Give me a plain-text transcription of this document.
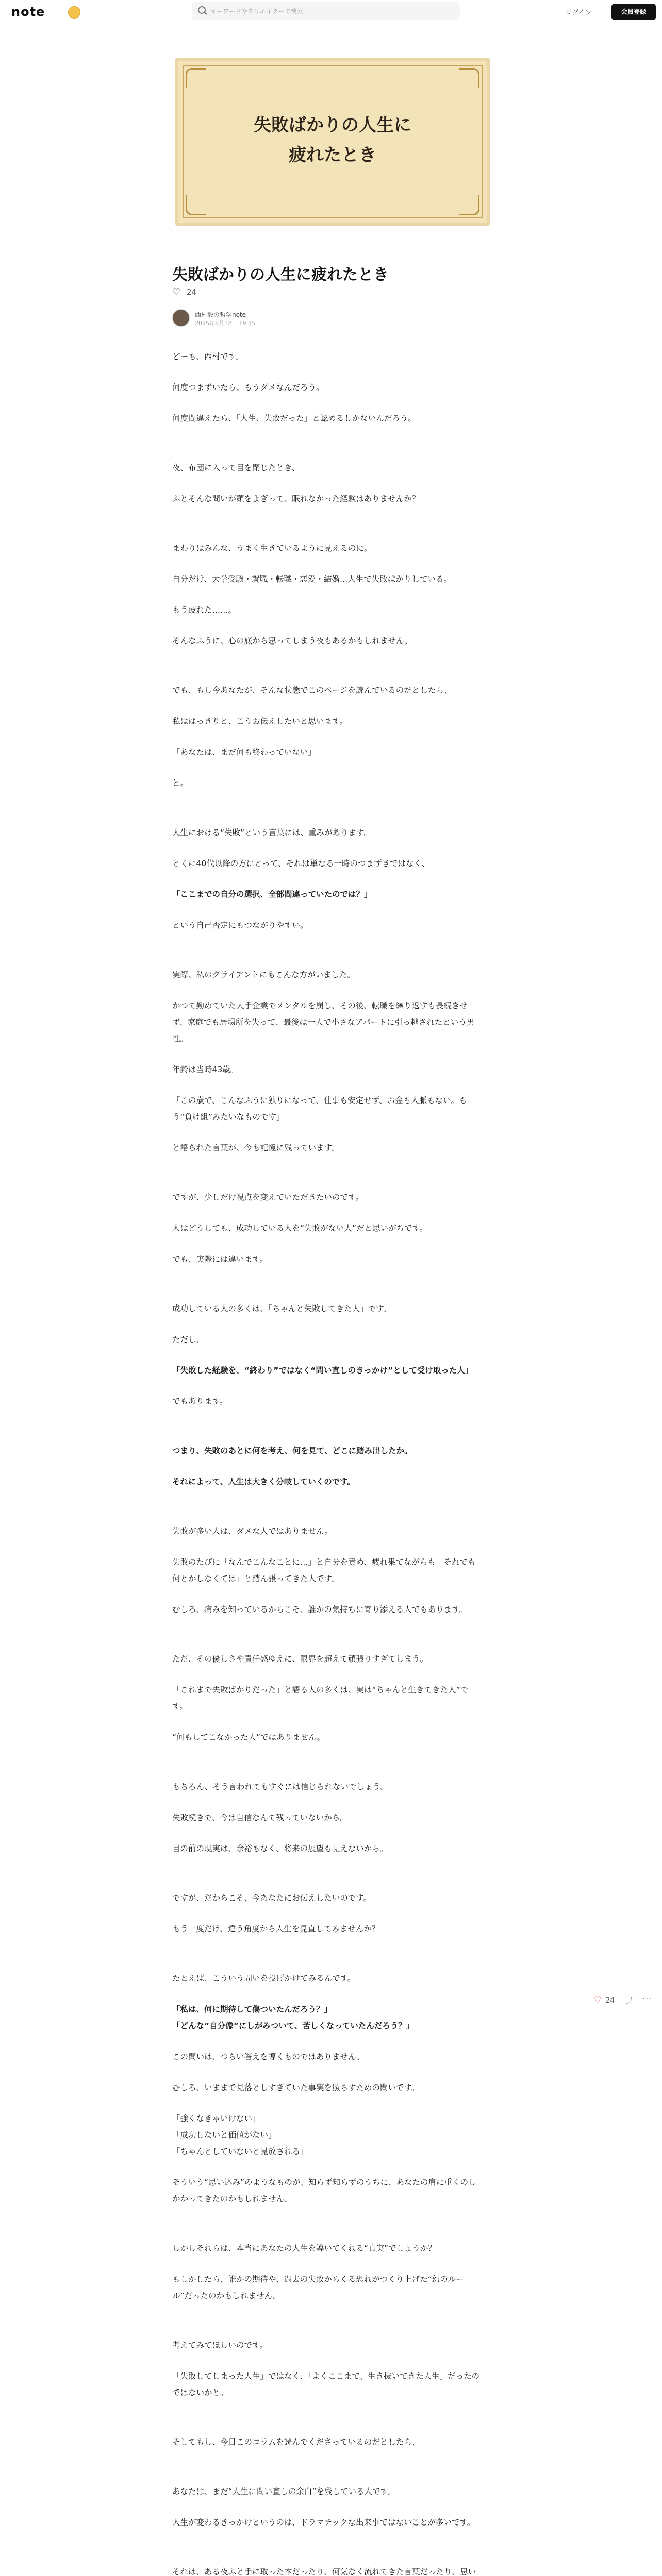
note
キーワードやクリエイターで検索	ログイン	会員登録
失敗ばかりの人生に
疲れたとき
失敗ばかりの人生に疲れたとき
♡ 24
西村毅の哲学note
2025年8月12日 19:15

どーも、西村です。

何度つまずいたら、もうダメなんだろう。

何度間違えたら、「人生、失敗だった」と認めるしかないんだろう。

夜、布団に入って目を閉じたとき、

ふとそんな問いが頭をよぎって、眠れなかった経験はありませんか？

まわりはみんな、うまく生きているように見えるのに。

自分だけ、大学受験・就職・転職・恋愛・結婚…人生で失敗ばかりしている。

もう疲れた……。

そんなふうに、心の底から思ってしまう夜もあるかもしれません。

でも、もし今あなたが、そんな状態でこのページを読んでいるのだとしたら、

私ははっきりと、こうお伝えしたいと思います。

「あなたは、まだ何も終わっていない」

と。

人生における“失敗”という言葉には、重みがあります。

とくに40代以降の方にとって、それは単なる一時のつまずきではなく、

「ここまでの自分の選択、全部間違っていたのでは？」

という自己否定にもつながりやすい。

実際、私のクライアントにもこんな方がいました。

かつて勤めていた大手企業でメンタルを崩し、その後、転職を繰り返すも長続きせず、家庭でも居場所を失って、最後は一人で小さなアパートに引っ越されたという男性。

年齢は当時43歳。

「この歳で、こんなふうに独りになって、仕事も安定せず、お金も人脈もない。もう“負け組”みたいなものです」

と語られた言葉が、今も記憶に残っています。

ですが、少しだけ視点を変えていただきたいのです。

人はどうしても、成功している人を“失敗がない人”だと思いがちです。

でも、実際には違います。

成功している人の多くは、「ちゃんと失敗してきた人」です。

ただし、

「失敗した経験を、“終わり”ではなく“問い直しのきっかけ”として受け取った人」

でもあります。

つまり、失敗のあとに何を考え、何を見て、どこに踏み出したか。

それによって、人生は大きく分岐していくのです。

失敗が多い人は、ダメな人ではありません。

失敗のたびに「なんでこんなことに…」と自分を責め、疲れ果てながらも「それでも何とかしなくては」と踏ん張ってきた人です。

むしろ、痛みを知っているからこそ、誰かの気持ちに寄り添える人でもあります。

ただ、その優しさや責任感ゆえに、限界を超えて頑張りすぎてしまう。

「これまで失敗ばかりだった」と語る人の多くは、実は“ちゃんと生きてきた人”です。

“何もしてこなかった人”ではありません。

もちろん、そう言われてもすぐには信じられないでしょう。

失敗続きで、今は自信なんて残っていないから。

目の前の現実は、余裕もなく、将来の展望も見えないから。

ですが、だからこそ、今あなたにお伝えしたいのです。

もう一度だけ、違う角度から人生を見直してみませんか？

たとえば、こういう問いを投げかけてみるんです。

「私は、何に期待して傷ついたんだろう？」
「どんな“自分像”にしがみついて、苦しくなっていたんだろう？」

この問いは、つらい答えを導くものではありません。

むしろ、いままで見落としすぎていた事実を照らすための問いです。

「強くなきゃいけない」
「成功しないと価値がない」
「ちゃんとしていないと見放される」

そういう“思い込み”のようなものが、知らず知らずのうちに、あなたの肩に重くのしかかってきたのかもしれません。

しかしそれらは、本当にあなたの人生を導いてくれる“真実”でしょうか？

もしかしたら、誰かの期待や、過去の失敗からくる恐れがつくり上げた“幻のルール”だったのかもしれません。

考えてみてほしいのです。

「失敗してしまった人生」ではなく、「よくここまで、生き抜いてきた人生」だったのではないかと。

そしてもし、今日このコラムを読んでくださっているのだとしたら、

あなたは、まだ“人生に問い直しの余白”を残している人です。

人生が変わるきっかけというのは、ドラマチックな出来事ではないことが多いです。

それは、ある夜ふと手に取った本だったり、何気なく流れてきた言葉だったり、思い

♡ 24 ⤴ ···
